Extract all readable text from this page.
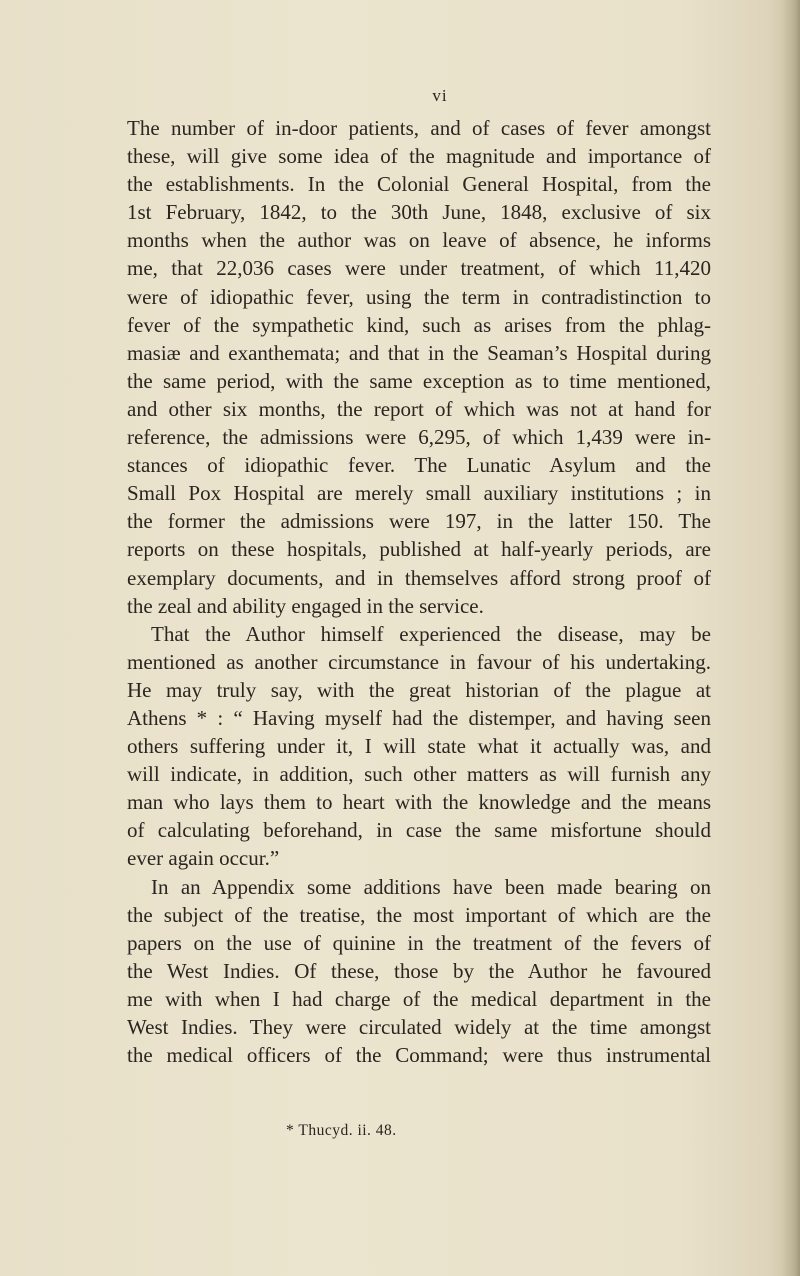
vi
The number of in-door patients, and of cases of fever amongst
these, will give some idea of the magnitude and importance of
the establishments. In the Colonial General Hospital, from the
1st February, 1842, to the 30th June, 1848, exclusive of six
months when the author was on leave of absence, he informs
me, that 22,036 cases were under treatment, of which 11,420
were of idiopathic fever, using the term in contradistinction to
fever of the sympathetic kind, such as arises from the phlag-
masiæ and exanthemata; and that in the Seaman’s Hospital during
the same period, with the same exception as to time mentioned,
and other six months, the report of which was not at hand for
reference, the admissions were 6,295, of which 1,439 were in-
stances of idiopathic fever. The Lunatic Asylum and the
Small Pox Hospital are merely small auxiliary institutions ; in
the former the admissions were 197, in the latter 150. The
reports on these hospitals, published at half-yearly periods, are
exemplary documents, and in themselves afford strong proof of
the zeal and ability engaged in the service.
That the Author himself experienced the disease, may be
mentioned as another circumstance in favour of his undertaking.
He may truly say, with the great historian of the plague at
Athens * : “ Having myself had the distemper, and having seen
others suffering under it, I will state what it actually was, and
will indicate, in addition, such other matters as will furnish any
man who lays them to heart with the knowledge and the means
of calculating beforehand, in case the same misfortune should
ever again occur.”
In an Appendix some additions have been made bearing on
the subject of the treatise, the most important of which are the
papers on the use of quinine in the treatment of the fevers of
the West Indies. Of these, those by the Author he favoured
me with when I had charge of the medical department in the
West Indies. They were circulated widely at the time amongst
the medical officers of the Command; were thus instrumental
* Thucyd. ii. 48.
